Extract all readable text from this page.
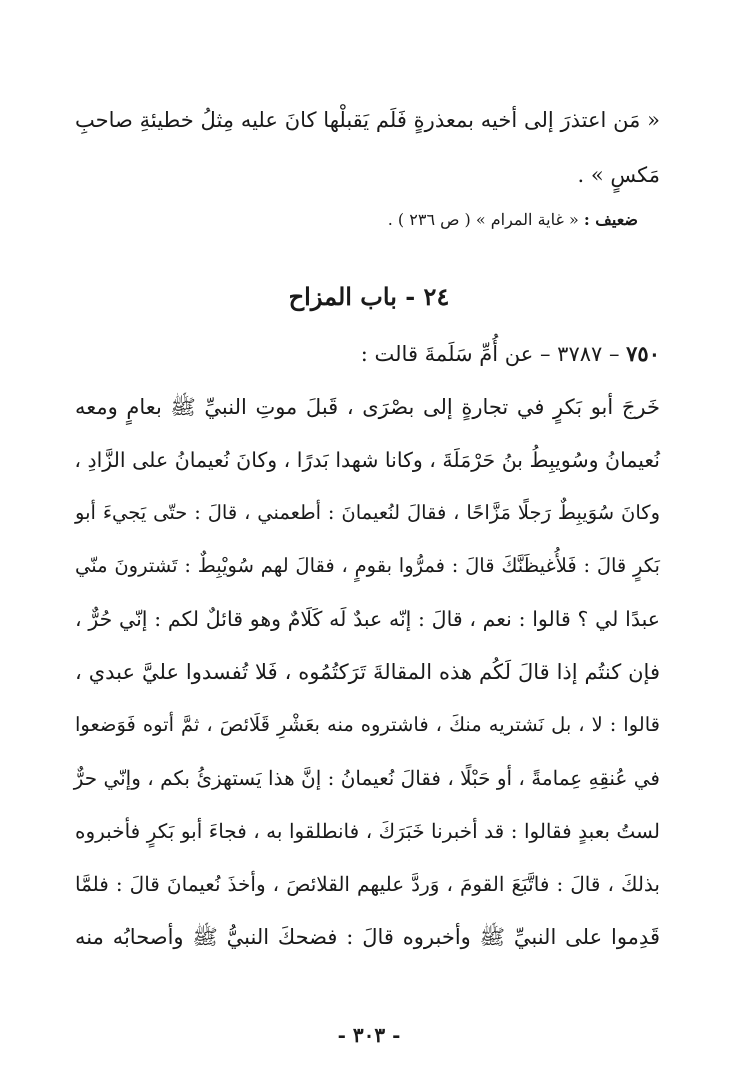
« مَن اعتذرَ إلى أخيه بمعذرةٍ فَلَم يَقبلْها كانَ عليه مِثلُ خطيئةِ صاحبِ
مَكسٍ » .
ضعيف : « غاية المرام » ( ص ٢٣٦ ) .
٢٤ - باب المزاح
٧٥٠ – ٣٧٨٧ – عن أُمِّ سَلَمةَ قالت :
خَرجَ أبو بَكرٍ في تجارةٍ إلى بصْرَى ، قَبلَ موتِ النبيِّ ﷺ بعامٍ ومعه
نُعيمانُ وسُويبِطُ بنُ حَرْمَلَةَ ، وكانا شهدا بَدرًا ، وكانَ نُعيمانُ على الزَّادِ ،
وكانَ سُوَيبِطٌ رَجلًا مَزَّاحًا ، فقالَ لنُعيمانَ : أطعمني ، قالَ : حتّى يَجيءَ أبو
بَكرٍ قالَ : فَلأُغيظَنَّكَ قالَ : فمرُّوا بقومٍ ، فقالَ لهم سُويْبِطٌ : تَشترونَ منّي
عبدًا لي ؟ قالوا : نعم ، قالَ : إنّه عبدٌ لَه كَلَامٌ وهو قائلٌ لكم : إنّي حُرٌّ ،
فإن كنتُم إذا قالَ لَكُم هذه المقالةَ تَرَكتُمُوه ، فَلا تُفسدوا عليَّ عبدي ،
قالوا : لا ، بل نَشتريه منكَ ، فاشتروه منه بعَشْرِ قَلَائصَ ، ثمَّ أتوه فَوَضعوا
في عُنقِهِ عِمامةً ، أو حَبْلًا ، فقالَ نُعيمانُ : إنَّ هذا يَستهزئُ بكم ، وإنّي حرٌّ
لستُ بعبدٍ فقالوا : قد أخبرنا خَبَرَكَ ، فانطلقوا به ، فجاءَ أبو بَكرٍ فأخبروه
بذلكَ ، قالَ : فاتَّبَعَ القومَ ، وَردَّ عليهم القلائصَ ، وأخذَ نُعيمانَ قالَ : فلمَّا
قَدِموا على النبيِّ ﷺ وأخبروه قالَ : فضحكَ النبيُّ ﷺ وأصحابُه منه
- ٣٠٣ -
